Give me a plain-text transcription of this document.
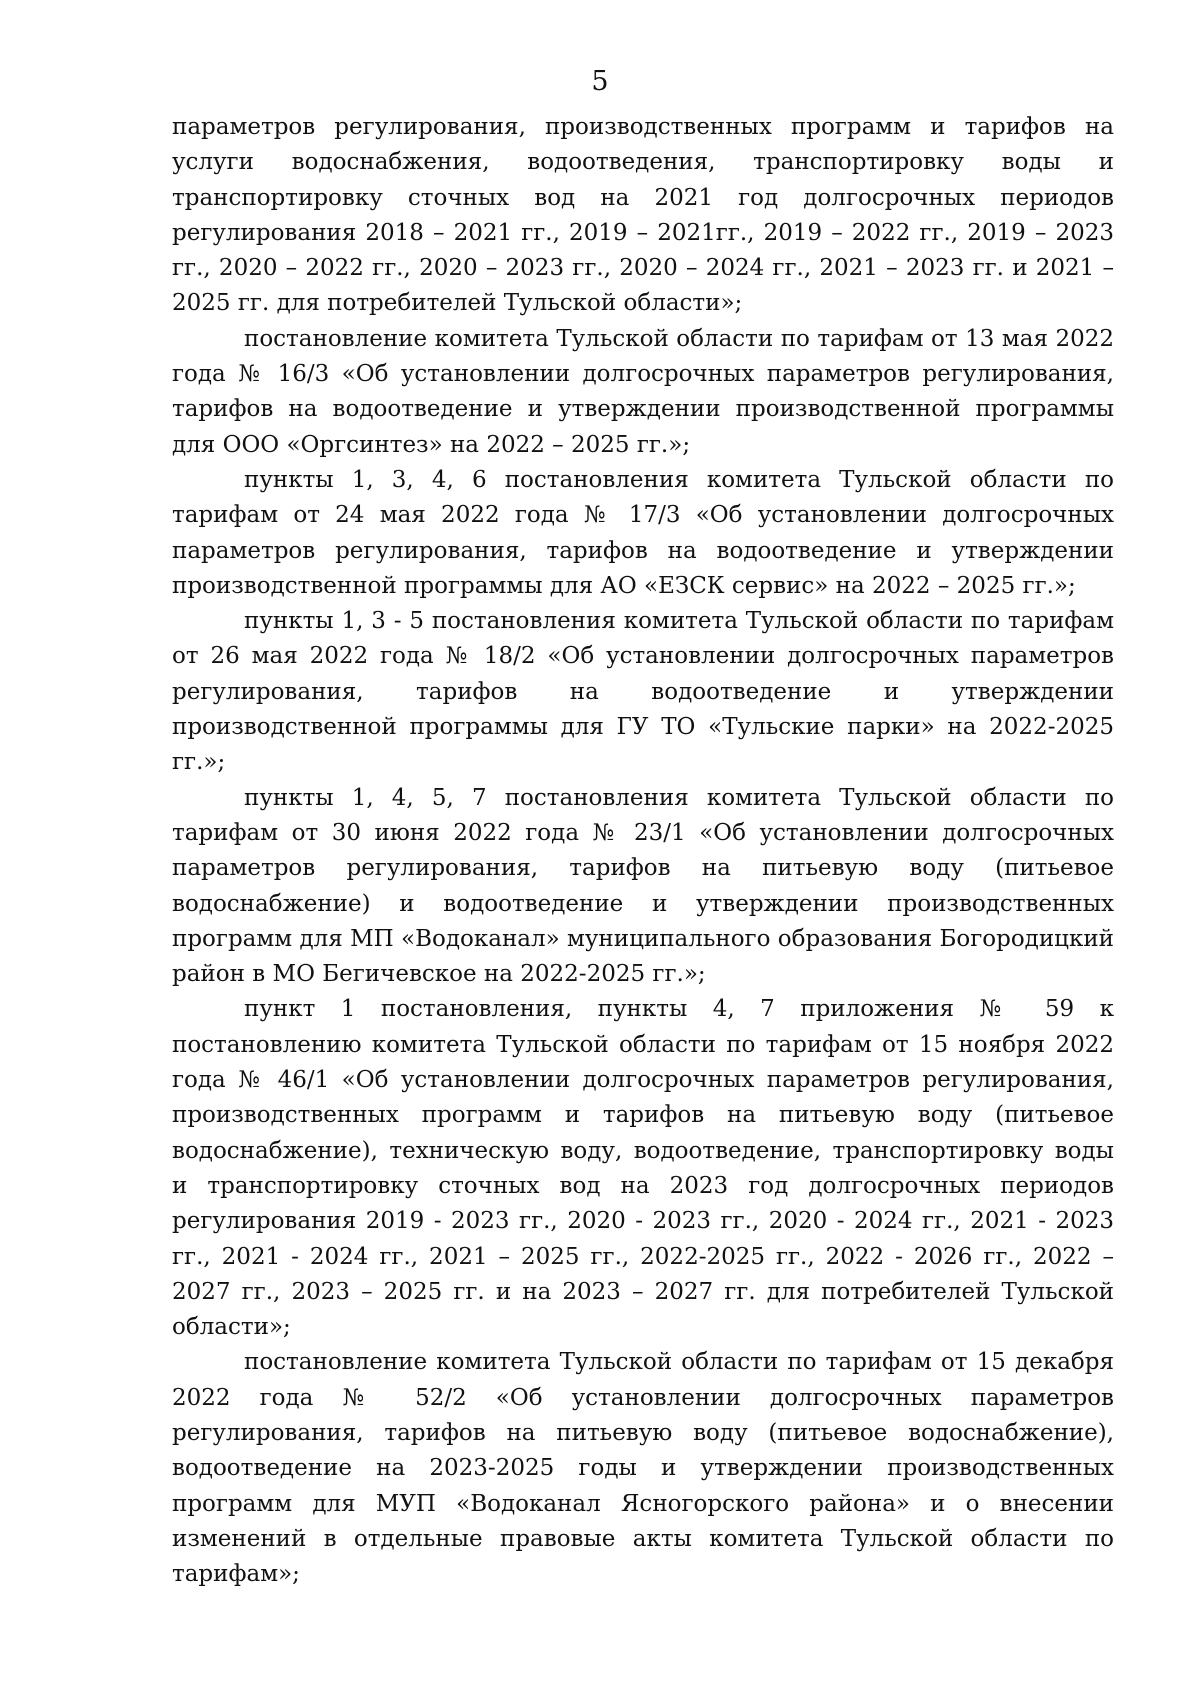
5

параметров регулирования, производственных программ и тарифов на услуги водоснабжения, водоотведения, транспортировку воды и транспортировку сточных вод на 2021 год долгосрочных периодов регулирования 2018 – 2021 гг., 2019 – 2021гг., 2019 – 2022 гг., 2019 – 2023 гг., 2020 – 2022 гг., 2020 – 2023 гг., 2020 – 2024 гг., 2021 – 2023 гг. и 2021 – 2025 гг. для потребителей Тульской области»;

постановление комитета Тульской области по тарифам от 13 мая 2022 года № 16/3 «Об установлении долгосрочных параметров регулирования, тарифов на водоотведение и утверждении производственной программы для ООО «Оргсинтез» на 2022 – 2025 гг.»;

пункты 1, 3, 4, 6 постановления комитета Тульской области по тарифам от 24 мая 2022 года № 17/3 «Об установлении долгосрочных параметров регулирования, тарифов на водоотведение и утверждении производственной программы для АО «ЕЗСК сервис» на 2022 – 2025 гг.»;

пункты 1, 3 - 5 постановления комитета Тульской области по тарифам от 26 мая 2022 года № 18/2 «Об установлении долгосрочных параметров регулирования, тарифов на водоотведение и утверждении производственной программы для ГУ ТО «Тульские парки» на 2022-2025 гг.»;

пункты 1, 4, 5, 7 постановления комитета Тульской области по тарифам от 30 июня 2022 года № 23/1 «Об установлении долгосрочных параметров регулирования, тарифов на питьевую воду (питьевое водоснабжение) и водоотведение и утверждении производственных программ для МП «Водоканал» муниципального образования Богородицкий район в МО Бегичевское на 2022-2025 гг.»;

пункт 1 постановления, пункты 4, 7 приложения № 59 к постановлению комитета Тульской области по тарифам от 15 ноября 2022 года № 46/1 «Об установлении долгосрочных параметров регулирования, производственных программ и тарифов на питьевую воду (питьевое водоснабжение), техническую воду, водоотведение, транспортировку воды и транспортировку сточных вод на 2023 год долгосрочных периодов регулирования 2019 - 2023 гг., 2020 - 2023 гг., 2020 - 2024 гг., 2021 - 2023 гг., 2021 - 2024 гг., 2021 – 2025 гг., 2022-2025 гг., 2022 - 2026 гг., 2022 – 2027 гг., 2023 – 2025 гг. и на 2023 – 2027 гг. для потребителей Тульской области»;

постановление комитета Тульской области по тарифам от 15 декабря 2022 года № 52/2 «Об установлении долгосрочных параметров регулирования, тарифов на питьевую воду (питьевое водоснабжение), водоотведение на 2023-2025 годы и утверждении производственных программ для МУП «Водоканал Ясногорского района» и о внесении изменений в отдельные правовые акты комитета Тульской области по тарифам»;
